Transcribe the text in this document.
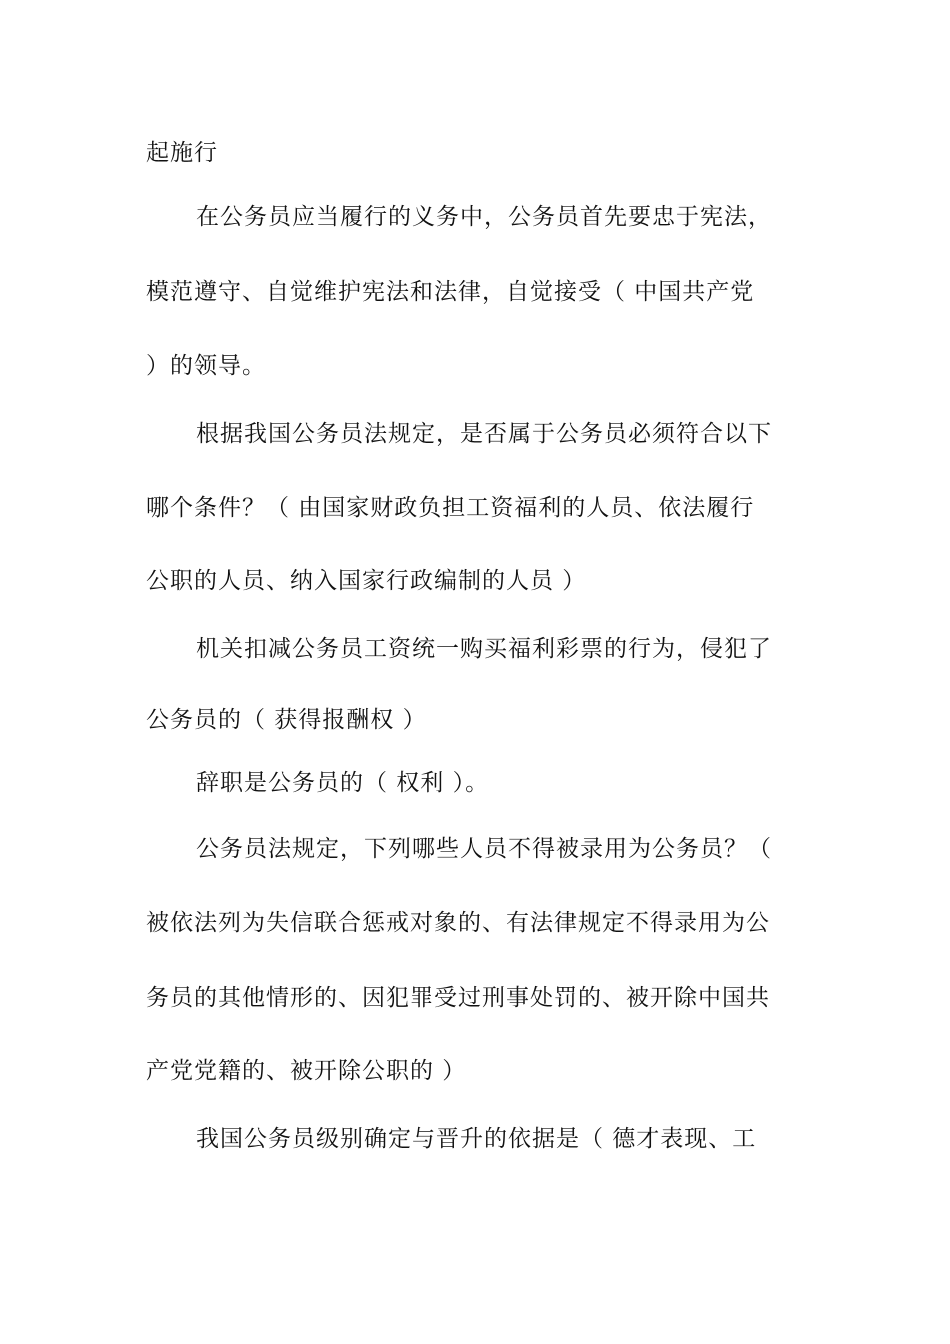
起施行
在公务员应当履行的义务中，公务员首先要忠于宪法，
模范遵守、自觉维护宪法和法律，自觉接受（ 中国共产党
）的领导。
根据我国公务员法规定，是否属于公务员必须符合以下
哪个条件？（ 由国家财政负担工资福利的人员、依法履行
公职的人员、纳入国家行政编制的人员 ）
机关扣减公务员工资统一购买福利彩票的行为，侵犯了
公务员的（ 获得报酬权 ）
辞职是公务员的（ 权利 ）。
公务员法规定，下列哪些人员不得被录用为公务员？（
被依法列为失信联合惩戒对象的、有法律规定不得录用为公
务员的其他情形的、因犯罪受过刑事处罚的、被开除中国共
产党党籍的、被开除公职的 ）
我国公务员级别确定与晋升的依据是（ 德才表现、工
